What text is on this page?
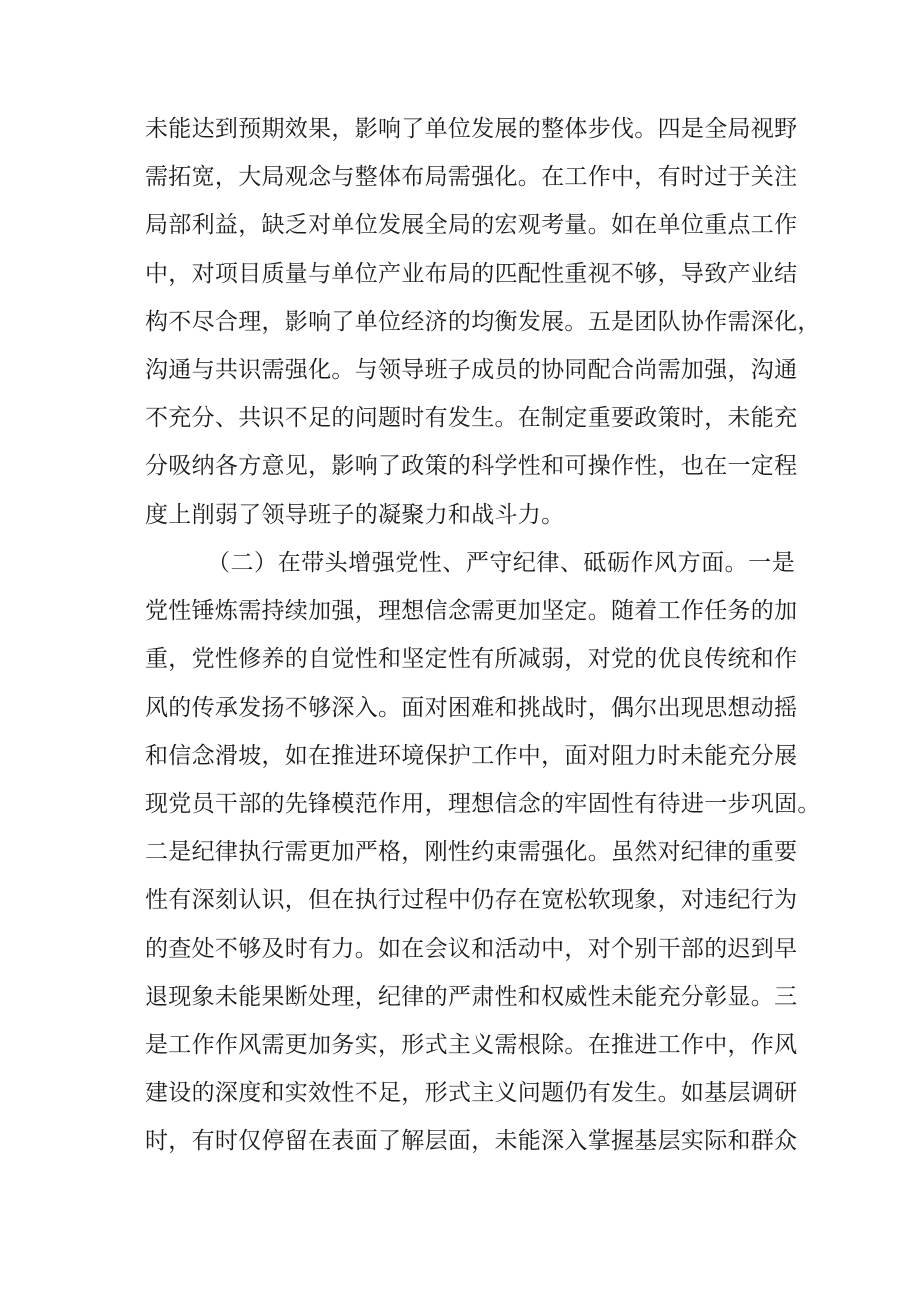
未能达到预期效果，影响了单位发展的整体步伐。四是全局视野
需拓宽，大局观念与整体布局需强化。在工作中，有时过于关注
局部利益，缺乏对单位发展全局的宏观考量。如在单位重点工作
中，对项目质量与单位产业布局的匹配性重视不够，导致产业结
构不尽合理，影响了单位经济的均衡发展。五是团队协作需深化，
沟通与共识需强化。与领导班子成员的协同配合尚需加强，沟通
不充分、共识不足的问题时有发生。在制定重要政策时，未能充
分吸纳各方意见，影响了政策的科学性和可操作性，也在一定程
度上削弱了领导班子的凝聚力和战斗力。
（二）在带头增强党性、严守纪律、砥砺作风方面。一是
党性锤炼需持续加强，理想信念需更加坚定。随着工作任务的加
重，党性修养的自觉性和坚定性有所减弱，对党的优良传统和作
风的传承发扬不够深入。面对困难和挑战时，偶尔出现思想动摇
和信念滑坡，如在推进环境保护工作中，面对阻力时未能充分展
现党员干部的先锋模范作用，理想信念的牢固性有待进一步巩固。
二是纪律执行需更加严格，刚性约束需强化。虽然对纪律的重要
性有深刻认识，但在执行过程中仍存在宽松软现象，对违纪行为
的查处不够及时有力。如在会议和活动中，对个别干部的迟到早
退现象未能果断处理，纪律的严肃性和权威性未能充分彰显。三
是工作作风需更加务实，形式主义需根除。在推进工作中，作风
建设的深度和实效性不足，形式主义问题仍有发生。如基层调研
时，有时仅停留在表面了解层面，未能深入掌握基层实际和群众
